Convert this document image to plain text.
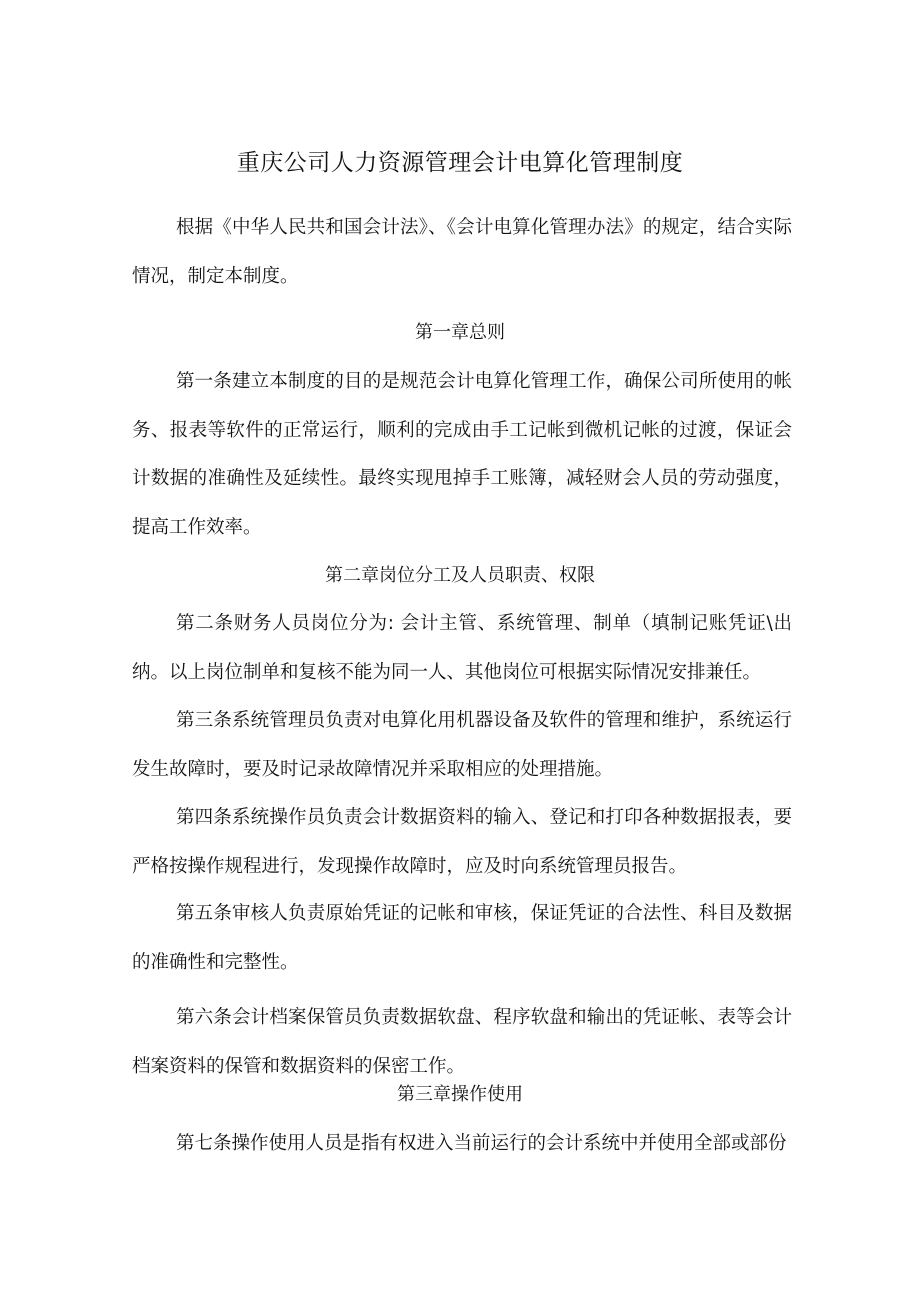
重庆公司人力资源管理会计电算化管理制度
根据《中华人民共和国会计法》、《会计电算化管理办法》的规定，结合实际情况，制定本制度。
第一章总则
第一条建立本制度的目的是规范会计电算化管理工作，确保公司所使用的帐务、报表等软件的正常运行，顺利的完成由手工记帐到微机记帐的过渡，保证会计数据的准确性及延续性。最终实现甩掉手工账簿，减轻财会人员的劳动强度，提高工作效率。
第二章岗位分工及人员职责、权限
第二条财务人员岗位分为: 会计主管、系统管理、制单（填制记账凭证\出纳。以上岗位制单和复核不能为同一人、其他岗位可根据实际情况安排兼任。
第三条系统管理员负责对电算化用机器设备及软件的管理和维护，系统运行发生故障时，要及时记录故障情况并采取相应的处理措施。
第四条系统操作员负责会计数据资料的输入、登记和打印各种数据报表，要严格按操作规程进行，发现操作故障时，应及时向系统管理员报告。
第五条审核人负责原始凭证的记帐和审核，保证凭证的合法性、科目及数据的准确性和完整性。
第六条会计档案保管员负责数据软盘、程序软盘和输出的凭证帐、表等会计档案资料的保管和数据资料的保密工作。
第三章操作使用
第七条操作使用人员是指有权进入当前运行的会计系统中并使用全部或部份
